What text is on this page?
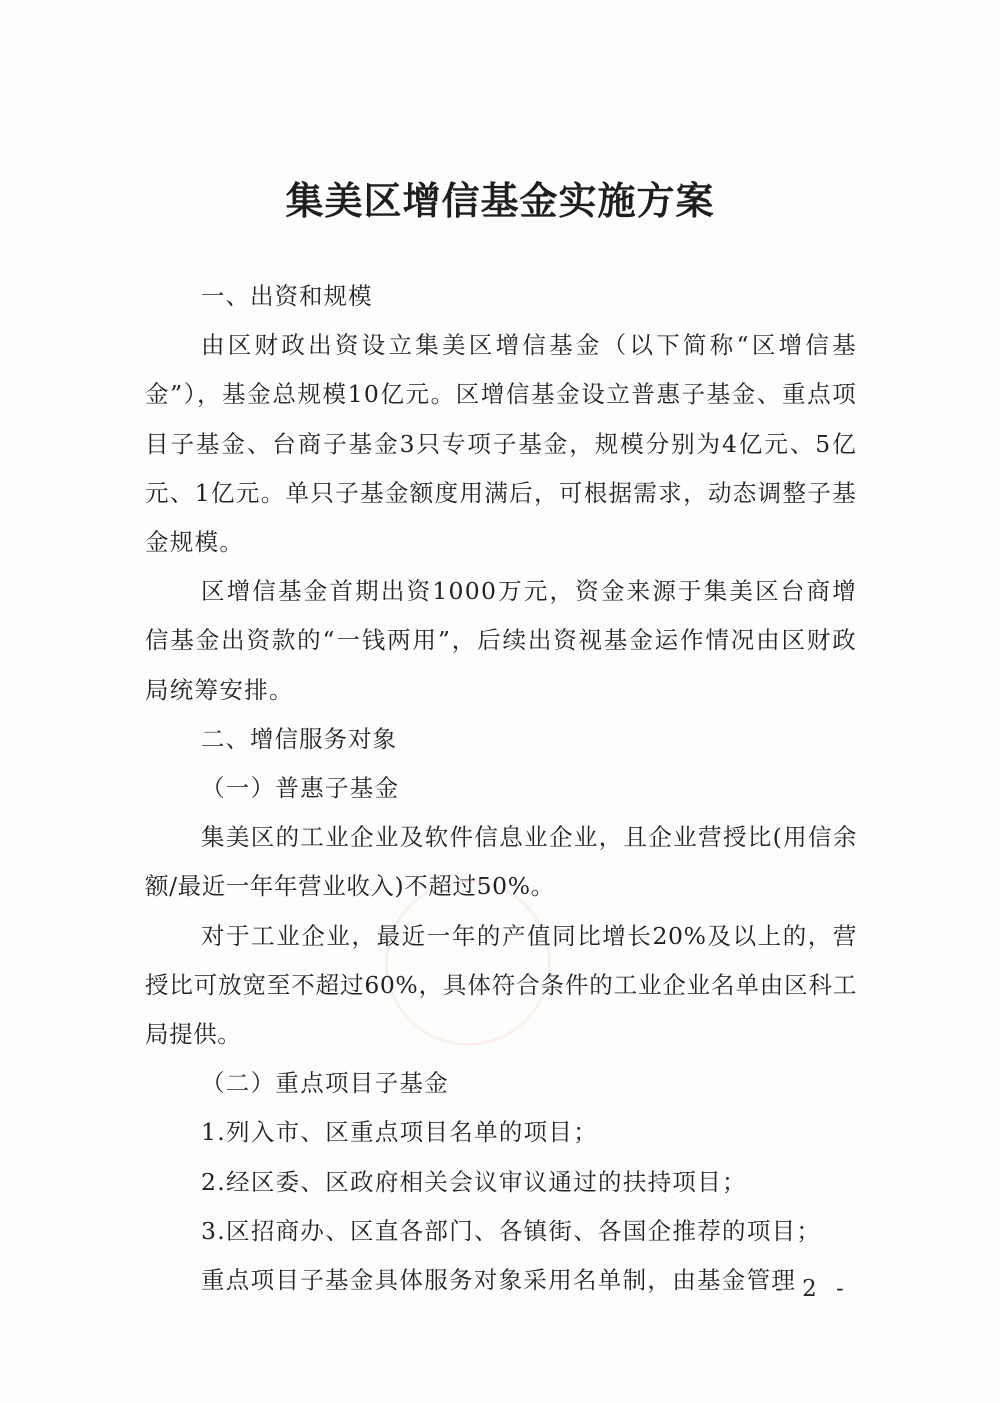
集美区增信基金实施方案

一、出资和规模

由区财政出资设立集美区增信基金（以下简称“区增信基金”），基金总规模10亿元。区增信基金设立普惠子基金、重点项目子基金、台商子基金3只专项子基金，规模分别为4亿元、5亿元、1亿元。单只子基金额度用满后，可根据需求，动态调整子基金规模。

区增信基金首期出资1000万元，资金来源于集美区台商增信基金出资款的“一钱两用”，后续出资视基金运作情况由区财政局统筹安排。

二、增信服务对象

（一）普惠子基金

集美区的工业企业及软件信息业企业，且企业营授比(用信余额/最近一年年营业收入)不超过50%。

对于工业企业，最近一年的产值同比增长20%及以上的，营授比可放宽至不超过60%，具体符合条件的工业企业名单由区科工局提供。

（二）重点项目子基金

1.列入市、区重点项目名单的项目；

2.经区委、区政府相关会议审议通过的扶持项目；

3.区招商办、区直各部门、各镇街、各国企推荐的项目；

重点项目子基金具体服务对象采用名单制，由基金管理

- 2 -
